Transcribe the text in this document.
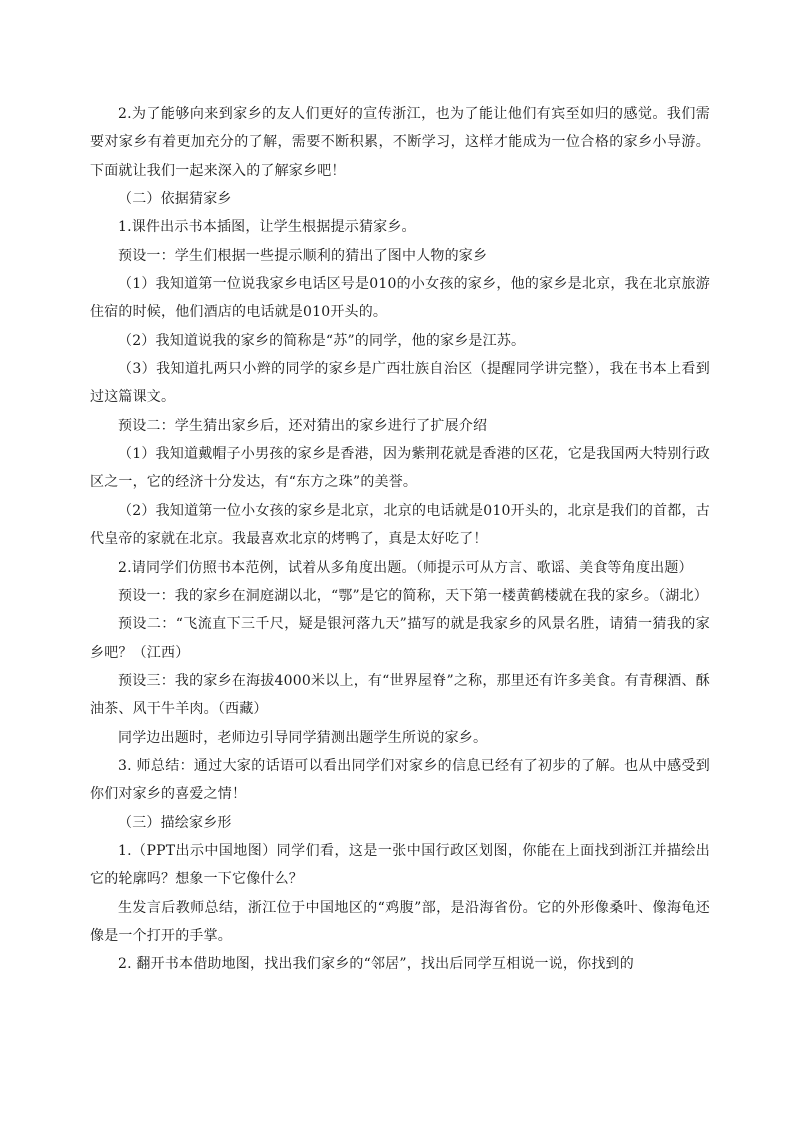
2.为了能够向来到家乡的友人们更好的宣传浙江，也为了能让他们有宾至如归的感觉。我们需要对家乡有着更加充分的了解，需要不断积累，不断学习，这样才能成为一位合格的家乡小导游。下面就让我们一起来深入的了解家乡吧！

（二）依据猜家乡

1.课件出示书本插图，让学生根据提示猜家乡。

预设一：学生们根据一些提示顺利的猜出了图中人物的家乡

（1）我知道第一位说我家乡电话区号是010的小女孩的家乡，他的家乡是北京，我在北京旅游住宿的时候，他们酒店的电话就是010开头的。

（2）我知道说我的家乡的简称是“苏”的同学，他的家乡是江苏。

（3）我知道扎两只小辫的同学的家乡是广西壮族自治区（提醒同学讲完整），我在书本上看到过这篇课文。

预设二：学生猜出家乡后，还对猜出的家乡进行了扩展介绍

（1）我知道戴帽子小男孩的家乡是香港，因为紫荆花就是香港的区花，它是我国两大特别行政区之一，它的经济十分发达，有“东方之珠”的美誉。

（2）我知道第一位小女孩的家乡是北京，北京的电话就是010开头的，北京是我们的首都，古代皇帝的家就在北京。我最喜欢北京的烤鸭了，真是太好吃了！

2.请同学们仿照书本范例，试着从多角度出题。（师提示可从方言、歌谣、美食等角度出题）

预设一：我的家乡在洞庭湖以北，“鄂”是它的简称，天下第一楼黄鹤楼就在我的家乡。（湖北）

预设二：“飞流直下三千尺，疑是银河落九天”描写的就是我家乡的风景名胜，请猜一猜我的家乡吧？（江西）

预设三：我的家乡在海拔4000米以上，有“世界屋脊”之称，那里还有许多美食。有青稞酒、酥油茶、风干牛羊肉。（西藏）

同学边出题时，老师边引导同学猜测出题学生所说的家乡。

3. 师总结：通过大家的话语可以看出同学们对家乡的信息已经有了初步的了解。也从中感受到你们对家乡的喜爱之情！

（三）描绘家乡形

1.（PPT出示中国地图）同学们看，这是一张中国行政区划图，你能在上面找到浙江并描绘出它的轮廓吗？想象一下它像什么？

生发言后教师总结，浙江位于中国地区的“鸡腹”部，是沿海省份。它的外形像桑叶、像海龟还像是一个打开的手掌。

2. 翻开书本借助地图，找出我们家乡的“邻居”，找出后同学互相说一说，你找到的
